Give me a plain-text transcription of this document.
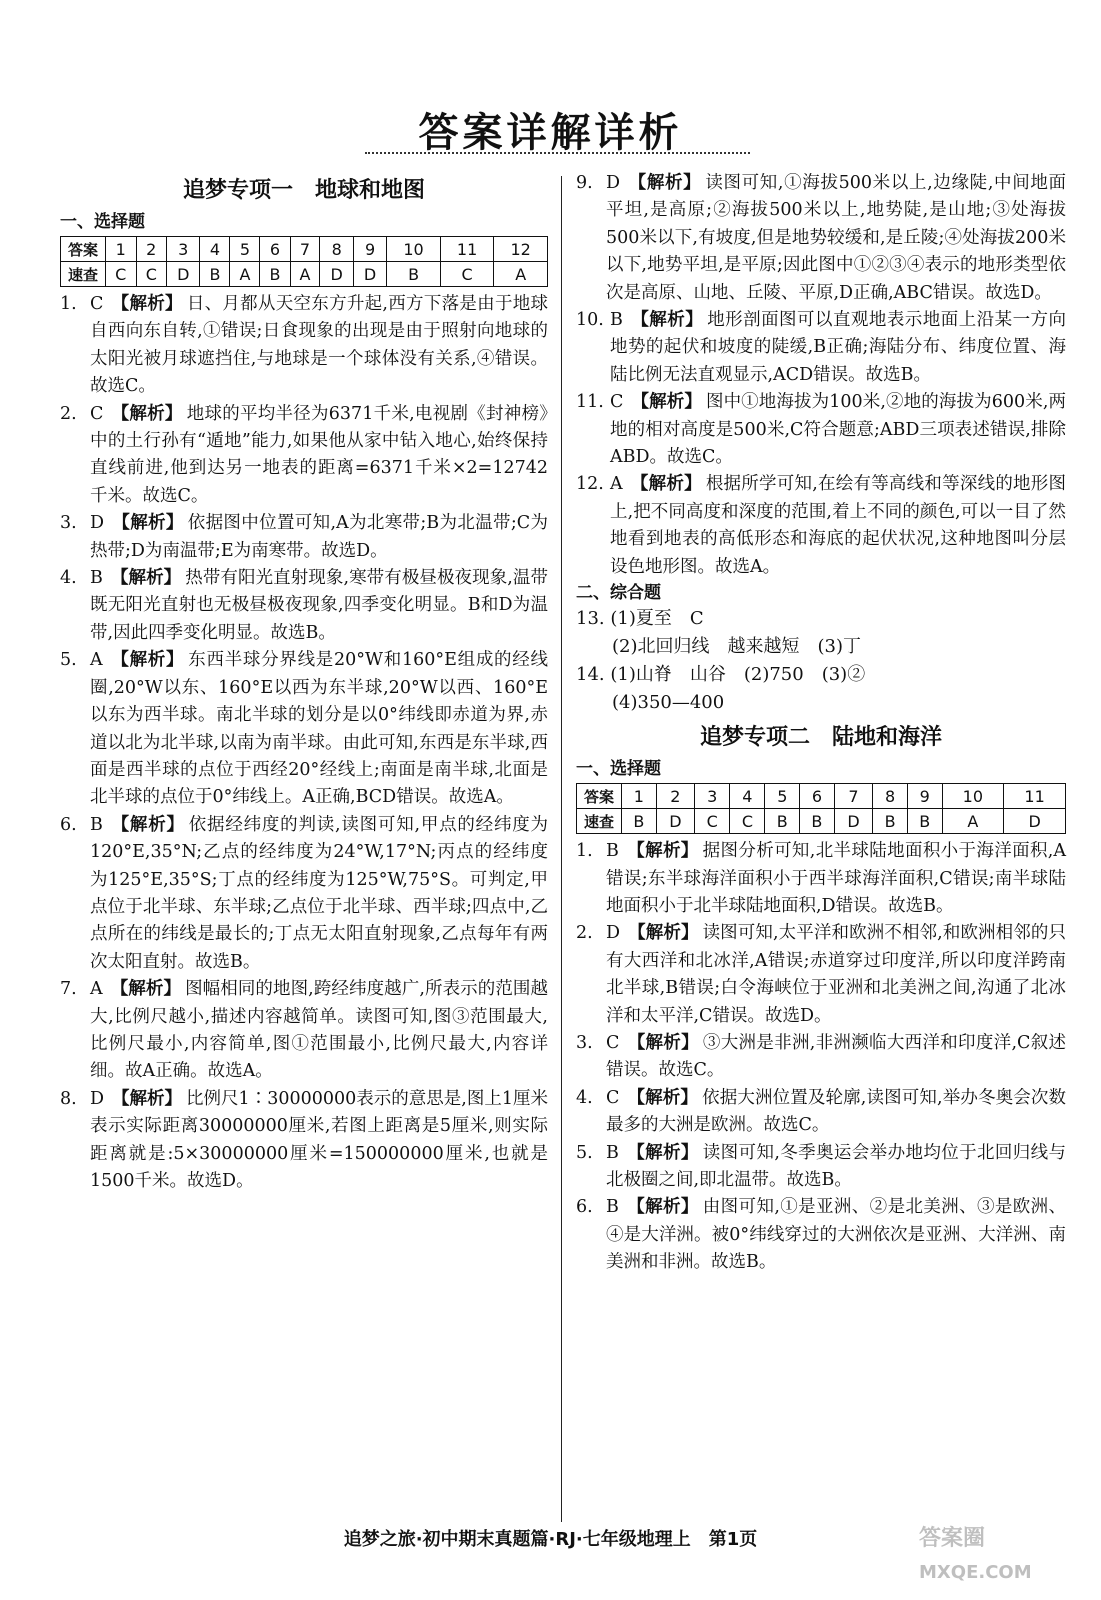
答案详解详析
追梦专项一　地球和地图
一、选择题
答案	1	2	3	4	5	6	7	8	9	10	11	12
速查	C	C	D	B	A	B	A	D	D	B	C	A
1. C 【解析】 日、月都从天空东方升起,西方下落是由于地球自西向东自转,①错误;日食现象的出现是由于照射向地球的太阳光被月球遮挡住,与地球是一个球体没有关系,④错误。故选C。
2. C 【解析】 地球的平均半径为6371千米,电视剧《封神榜》中的土行孙有“遁地”能力,如果他从家中钻入地心,始终保持直线前进,他到达另一地表的距离=6371千米×2=12742千米。故选C。
3. D 【解析】 依据图中位置可知,A为北寒带;B为北温带;C为热带;D为南温带;E为南寒带。故选D。
4. B 【解析】 热带有阳光直射现象,寒带有极昼极夜现象,温带既无阳光直射也无极昼极夜现象,四季变化明显。B和D为温带,因此四季变化明显。故选B。
5. A 【解析】 东西半球分界线是20°W和160°E组成的经线圈,20°W以东、160°E以西为东半球,20°W以西、160°E以东为西半球。南北半球的划分是以0°纬线即赤道为界,赤道以北为北半球,以南为南半球。由此可知,东西是东半球,西面是西半球的点位于西经20°经线上;南面是南半球,北面是北半球的点位于0°纬线上。A正确,BCD错误。故选A。
6. B 【解析】 依据经纬度的判读,读图可知,甲点的经纬度为120°E,35°N;乙点的经纬度为24°W,17°N;丙点的经纬度为125°E,35°S;丁点的经纬度为125°W,75°S。可判定,甲点位于北半球、东半球;乙点位于北半球、西半球;四点中,乙点所在的纬线是最长的;丁点无太阳直射现象,乙点每年有两次太阳直射。故选B。
7. A 【解析】 图幅相同的地图,跨经纬度越广,所表示的范围越大,比例尺越小,描述内容越简单。读图可知,图③范围最大,比例尺最小,内容简单,图①范围最小,比例尺最大,内容详细。故A正确。故选A。
8. D 【解析】 比例尺1∶30000000表示的意思是,图上1厘米表示实际距离30000000厘米,若图上距离是5厘米,则实际距离就是:5×30000000厘米=150000000厘米,也就是1500千米。故选D。
9. D 【解析】 读图可知,①海拔500米以上,边缘陡,中间地面平坦,是高原;②海拔500米以上,地势陡,是山地;③处海拔500米以下,有坡度,但是地势较缓和,是丘陵;④处海拔200米以下,地势平坦,是平原;因此图中①②③④表示的地形类型依次是高原、山地、丘陵、平原,D正确,ABC错误。故选D。
10. B 【解析】 地形剖面图可以直观地表示地面上沿某一方向地势的起伏和坡度的陡缓,B正确;海陆分布、纬度位置、海陆比例无法直观显示,ACD错误。故选B。
11. C 【解析】 图中①地海拔为100米,②地的海拔为600米,两地的相对高度是500米,C符合题意;ABD三项表述错误,排除ABD。故选C。
12. A 【解析】 根据所学可知,在绘有等高线和等深线的地形图上,把不同高度和深度的范围,着上不同的颜色,可以一目了然地看到地表的高低形态和海底的起伏状况,这种地图叫分层设色地形图。故选A。
二、综合题
13. (1)夏至　C
　　(2)北回归线　越来越短　(3)丁
14. (1)山脊　山谷　(2)750　(3)②
　　(4)350—400
追梦专项二　陆地和海洋
一、选择题
答案	1	2	3	4	5	6	7	8	9	10	11
速查	B	D	C	C	B	B	D	B	B	A	D
1. B 【解析】 据图分析可知,北半球陆地面积小于海洋面积,A错误;东半球海洋面积小于西半球海洋面积,C错误;南半球陆地面积小于北半球陆地面积,D错误。故选B。
2. D 【解析】 读图可知,太平洋和欧洲不相邻,和欧洲相邻的只有大西洋和北冰洋,A错误;赤道穿过印度洋,所以印度洋跨南北半球,B错误;白令海峡位于亚洲和北美洲之间,沟通了北冰洋和太平洋,C错误。故选D。
3. C 【解析】 ③大洲是非洲,非洲濒临大西洋和印度洋,C叙述错误。故选C。
4. C 【解析】 依据大洲位置及轮廓,读图可知,举办冬奥会次数最多的大洲是欧洲。故选C。
5. B 【解析】 读图可知,冬季奥运会举办地均位于北回归线与北极圈之间,即北温带。故选B。
6. B 【解析】 由图可知,①是亚洲、②是北美洲、③是欧洲、④是大洋洲。被0°纬线穿过的大洲依次是亚洲、大洋洲、南美洲和非洲。故选B。
追梦之旅·初中期末真题篇·RJ·七年级地理上　第1页	答案圈
MXQE.COM
